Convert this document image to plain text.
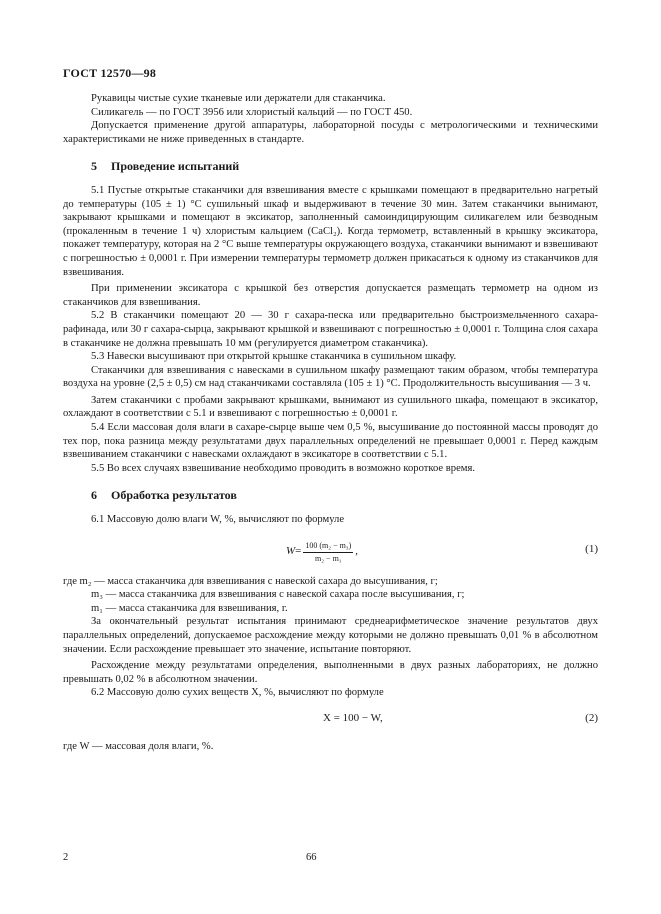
ГОСТ 12570—98

Рукавицы чистые сухие тканевые или держатели для стаканчика.

Силикагель — по ГОСТ 3956 или хлористый кальций — по ГОСТ 450.

Допускается применение другой аппаратуры, лабораторной посуды с метрологическими и техническими характеристиками не ниже приведенных в стандарте.

5 Проведение испытаний

5.1 Пустые открытые стаканчики для взвешивания вместе с крышками помещают в предварительно нагретый до температуры (105 ± 1) °С сушильный шкаф и выдерживают в течение 30 мин. Затем стаканчики вынимают, закрывают крышками и помещают в эксикатор, заполненный самоиндицирующим силикагелем или безводным (прокаленным в течение 1 ч) хлористым кальцием (CaCl₂). Когда термометр, вставленный в крышку эксикатора, покажет температуру, которая на 2 °С выше температуры окружающего воздуха, стаканчики вынимают и взвешивают с погрешностью ± 0,0001 г. При измерении температуры термометр должен прикасаться к одному из стаканчиков для взвешивания.

При применении эксикатора с крышкой без отверстия допускается размещать термометр на одном из стаканчиков для взвешивания.

5.2 В стаканчики помещают 20 — 30 г сахара-песка или предварительно быстроизмельченного сахара-рафинада, или 30 г сахара-сырца, закрывают крышкой и взвешивают с погрешностью ± 0,0001 г. Толщина слоя сахара в стаканчике не должна превышать 10 мм (регулируется диаметром стаканчика).

5.3 Навески высушивают при открытой крышке стаканчика в сушильном шкафу.

Стаканчики для взвешивания с навесками в сушильном шкафу размещают таким образом, чтобы температура воздуха на уровне (2,5 ± 0,5) см над стаканчиками составляла (105 ± 1) °С. Продолжительность высушивания — 3 ч.

Затем стаканчики с пробами закрывают крышками, вынимают из сушильного шкафа, помещают в эксикатор, охлаждают в соответствии с 5.1 и взвешивают с погрешностью ± 0,0001 г.

5.4 Если массовая доля влаги в сахаре-сырце выше чем 0,5 %, высушивание до постоянной массы проводят до тех пор, пока разница между результатами двух параллельных определений не превышает 0,0001 г. Перед каждым взвешиванием стаканчики с навесками охлаждают в эксикаторе в соответствии с 5.1.

5.5 Во всех случаях взвешивание необходимо проводить в возможно короткое время.

6 Обработка результатов

6.1 Массовую долю влаги W, %, вычисляют по формуле

$W = \frac{\text{100 (m₂ − m₃)}}{\text{m₂ − m₁}}$ ,	(1)

где m₂ — масса стаканчика для взвешивания с навеской сахара до высушивания, г;

m₃ — масса стаканчика для взвешивания с навеской сахара после высушивания, г;

m₁ — масса стаканчика для взвешивания, г.

За окончательный результат испытания принимают среднеарифметическое значение результатов двух параллельных определений, допускаемое расхождение между которыми не должно превышать 0,01 % в абсолютном значении. Если расхождение превышает это значение, испытание повторяют.

Расхождение между результатами определения, выполненными в двух разных лабораториях, не должно превышать 0,02 % в абсолютном значении.

6.2 Массовую долю сухих веществ X, %, вычисляют по формуле

X = 100 − W,	(2)

где W — массовая доля влаги, %.

2	66
